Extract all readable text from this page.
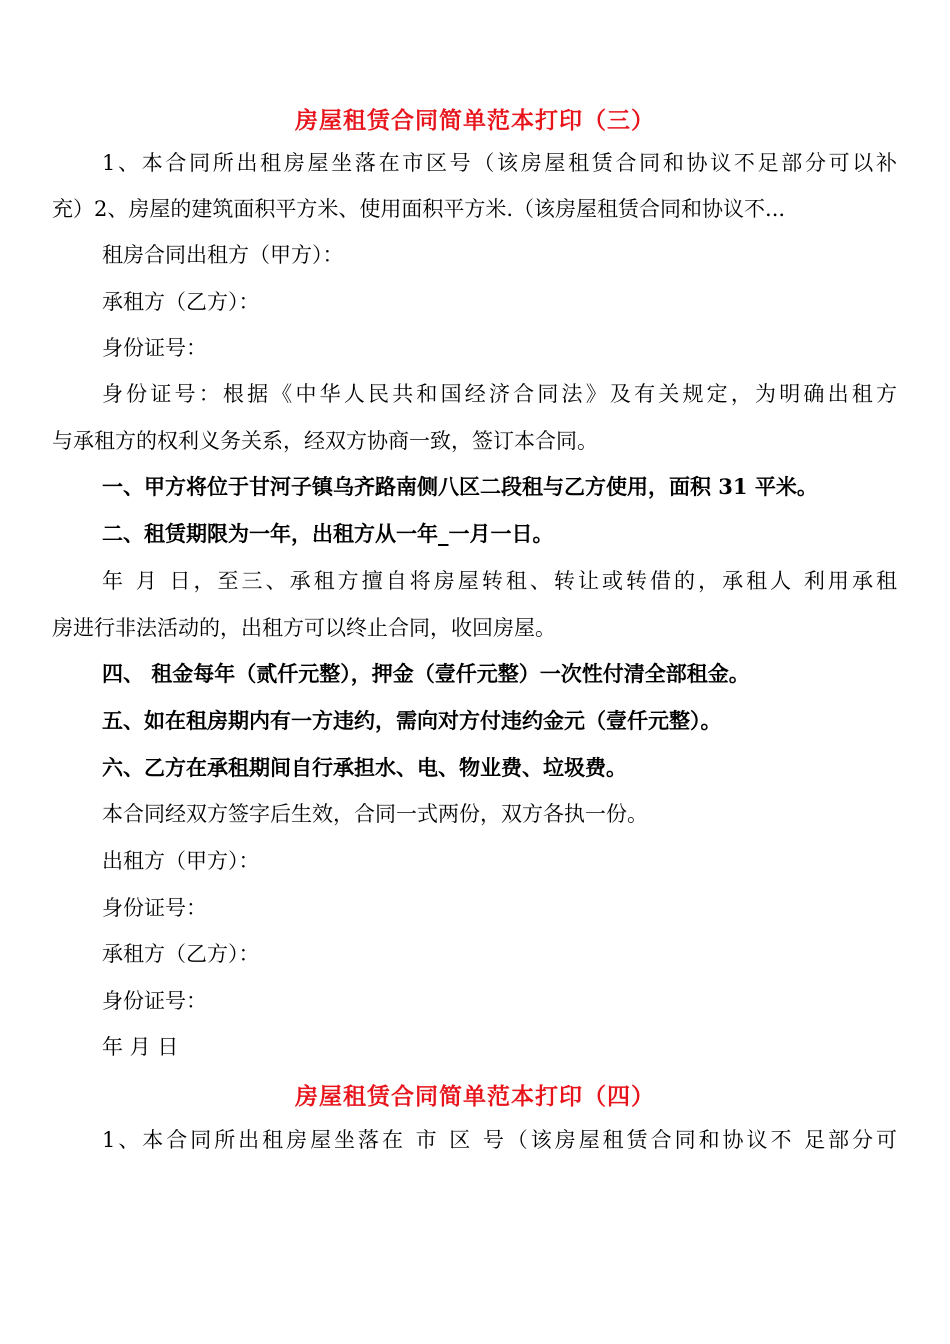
房屋租赁合同简单范本打印（三）
1、本合同所出租房屋坐落在市区号（该房屋租赁合同和协议不足部分可以补
充）2、房屋的建筑面积平方米、使用面积平方米.（该房屋租赁合同和协议不...
租房合同出租方（甲方）：
承租方（乙方）：
身份证号：
身份证号：根据《中华人民共和国经济合同法》及有关规定，为明确出租方
与承租方的权利义务关系，经双方协商一致，签订本合同。
一、甲方将位于甘河子镇乌齐路南侧八区二段租与乙方使用，面积 31 平米。
二、租赁期限为一年，出租方从一年_一月一日。
年 月 日，至三、承租方擅自将房屋转租、转让或转借的，承租人 利用承租
房进行非法活动的，出租方可以终止合同，收回房屋。
四、 租金每年（贰仟元整），押金（壹仟元整）一次性付清全部租金。
五、如在租房期内有一方违约，需向对方付违约金元（壹仟元整）。
六、乙方在承租期间自行承担水、电、物业费、垃圾费。
本合同经双方签字后生效，合同一式两份，双方各执一份。
出租方（甲方）：
身份证号：
承租方（乙方）：
身份证号：
年 月 日
房屋租赁合同简单范本打印（四）
1、本合同所出租房屋坐落在 市 区 号（该房屋租赁合同和协议不 足部分可
